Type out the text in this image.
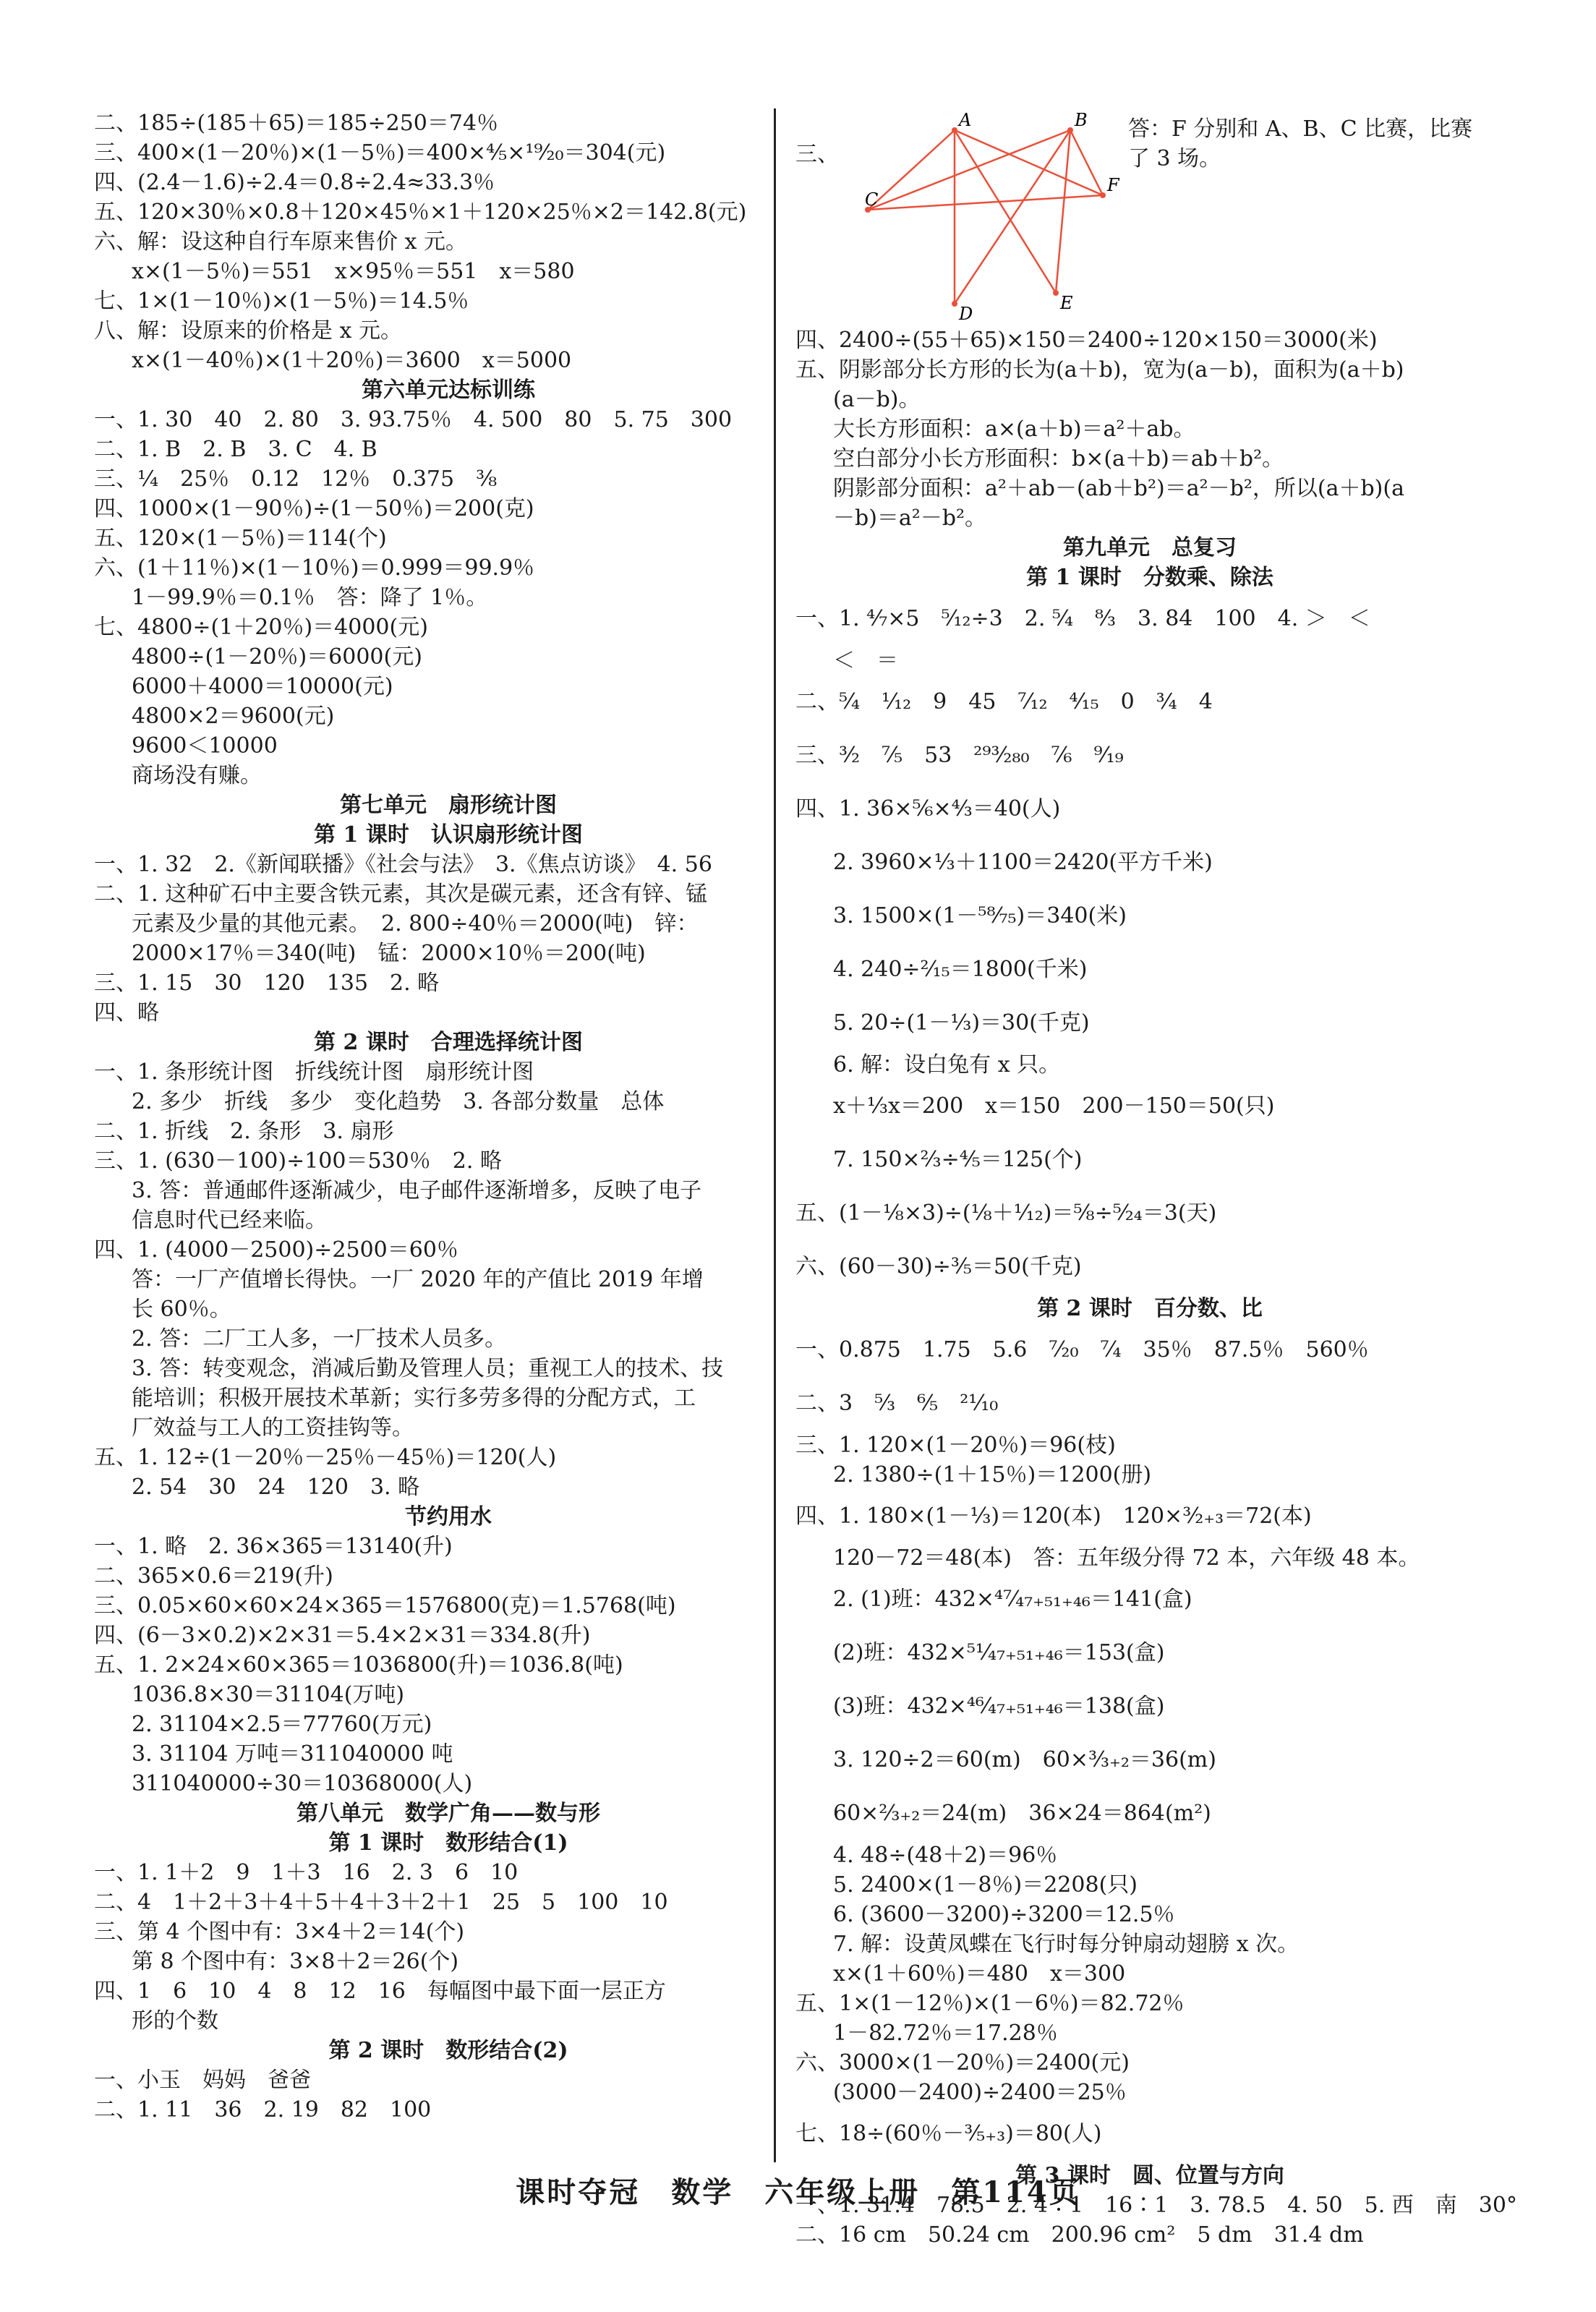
二、185÷(185＋65)＝185÷250＝74％
三、400×(1－20％)×(1－5％)＝400×⁴⁄₅×¹⁹⁄₂₀＝304(元)
四、(2.4－1.6)÷2.4＝0.8÷2.4≈33.3％
五、120×30％×0.8＋120×45％×1＋120×25％×2＝142.8(元)
六、解：设这种自行车原来售价 x 元。
x×(1－5％)＝551　x×95％＝551　x＝580
七、1×(1－10％)×(1－5％)＝14.5％
八、解：设原来的价格是 x 元。
x×(1－40％)×(1＋20％)＝3600　x＝5000
第六单元达标训练
一、1. 30　40　2. 80　3. 93.75％　4. 500　80　5. 75　300
二、1. B　2. B　3. C　4. B
三、¼　25％　0.12　12％　0.375　⅜
四、1000×(1－90％)÷(1－50％)＝200(克)
五、120×(1－5％)＝114(个)
六、(1＋11％)×(1－10％)＝0.999＝99.9％
1－99.9％＝0.1％　答：降了 1％。
七、4800÷(1＋20％)＝4000(元)
4800÷(1－20％)＝6000(元)
6000＋4000＝10000(元)
4800×2＝9600(元)
9600＜10000
商场没有赚。
第七单元　扇形统计图
第 1 课时　认识扇形统计图
一、1. 32　2.《新闻联播》《社会与法》　3.《焦点访谈》　4. 56
二、1. 这种矿石中主要含铁元素，其次是碳元素，还含有锌、锰
元素及少量的其他元素。　2. 800÷40％＝2000(吨)　锌：
2000×17％＝340(吨)　锰：2000×10％＝200(吨)
三、1. 15　30　120　135　2. 略
四、略
第 2 课时　合理选择统计图
一、1. 条形统计图　折线统计图　扇形统计图
2. 多少　折线　多少　变化趋势　3. 各部分数量　总体
二、1. 折线　2. 条形　3. 扇形
三、1. (630－100)÷100＝530％　2. 略
3. 答：普通邮件逐渐减少，电子邮件逐渐增多，反映了电子
信息时代已经来临。
四、1. (4000－2500)÷2500＝60％
答：一厂产值增长得快。一厂 2020 年的产值比 2019 年增
长 60％。
2. 答：二厂工人多，一厂技术人员多。
3. 答：转变观念，消减后勤及管理人员；重视工人的技术、技
能培训；积极开展技术革新；实行多劳多得的分配方式，工
厂效益与工人的工资挂钩等。
五、1. 12÷(1－20％－25％－45％)＝120(人)
2. 54　30　24　120　3. 略
节约用水
一、1. 略　2. 36×365＝13140(升)
二、365×0.6＝219(升)
三、0.05×60×60×24×365＝1576800(克)＝1.5768(吨)
四、(6－3×0.2)×2×31＝5.4×2×31＝334.8(升)
五、1. 2×24×60×365＝1036800(升)＝1036.8(吨)
1036.8×30＝31104(万吨)
2. 31104×2.5＝77760(万元)
3. 31104 万吨＝311040000 吨
311040000÷30＝10368000(人)
第八单元　数学广角——数与形
第 1 课时　数形结合(1)
一、1. 1＋2　9　1＋3　16　2. 3　6　10
二、4　1＋2＋3＋4＋5＋4＋3＋2＋1　25　5　100　10
三、第 4 个图中有：3×4＋2＝14(个)
第 8 个图中有：3×8＋2＝26(个)
四、1　6　10　4　8　12　16　每幅图中最下面一层正方
形的个数
第 2 课时　数形结合(2)
一、小玉　妈妈　爸爸
二、1. 11　36　2. 19　82　100
三、
A	B
C
D
E
F
答：F 分别和 A、B、C 比赛，比赛了 3 场。
四、2400÷(55＋65)×150＝2400÷120×150＝3000(米)
五、阴影部分长方形的长为(a＋b)，宽为(a－b)，面积为(a＋b)
(a－b)。
大长方形面积：a×(a＋b)＝a²＋ab。
空白部分小长方形面积：b×(a＋b)＝ab＋b²。
阴影部分面积：a²＋ab－(ab＋b²)＝a²－b²，所以(a＋b)(a
－b)＝a²－b²。
第九单元　总复习
第 1 课时　分数乘、除法
一、1. ⁴⁄₇×5　⁵⁄₁₂÷3　2. ⁵⁄₄　⁸⁄₃　3. 84　100　4. ＞　＜
＜　＝
二、⁵⁄₄　¹⁄₁₂　9　45　⁷⁄₁₂　⁴⁄₁₅　0　¾　4
三、³⁄₂　⁷⁄₅　53　²⁹³⁄₂₈₀　⁷⁄₆　⁹⁄₁₉
四、1. 36×⁵⁄₆×⁴⁄₃＝40(人)
2. 3960×⅓＋1100＝2420(平方千米)
3. 1500×(1－⁵⁸⁄₇₅)＝340(米)
4. 240÷²⁄₁₅＝1800(千米)
5. 20÷(1－⅓)＝30(千克)
6. 解：设白兔有 x 只。
x＋⅓x＝200　x＝150　200－150＝50(只)
7. 150×⅔÷⁴⁄₅＝125(个)
五、(1－⅛×3)÷(⅛＋¹⁄₁₂)＝⅝÷⁵⁄₂₄＝3(天)
六、(60－30)÷⅗＝50(千克)
第 2 课时　百分数、比
一、0.875　1.75　5.6　⁷⁄₂₀　⁷⁄₄　35％　87.5％　560％
二、3　⁵⁄₃　⁶⁄₅　²¹⁄₁₀
三、1. 120×(1－20％)＝96(枝)
2. 1380÷(1＋15％)＝1200(册)
四、1. 180×(1－⅓)＝120(本)　120×³⁄₂₊₃＝72(本)
120－72＝48(本)　答：五年级分得 72 本，六年级 48 本。
2. (1)班：432×⁴⁷⁄₄₇₊₅₁₊₄₆＝141(盒)
(2)班：432×⁵¹⁄₄₇₊₅₁₊₄₆＝153(盒)
(3)班：432×⁴⁶⁄₄₇₊₅₁₊₄₆＝138(盒)
3. 120÷2＝60(m)　60×³⁄₃₊₂＝36(m)
60×²⁄₃₊₂＝24(m)　36×24＝864(m²)
4. 48÷(48＋2)＝96％
5. 2400×(1－8％)＝2208(只)
6. (3600－3200)÷3200＝12.5％
7. 解：设黄凤蝶在飞行时每分钟扇动翅膀 x 次。
x×(1＋60％)＝480　x＝300
五、1×(1－12％)×(1－6％)＝82.72％
1－82.72％＝17.28％
六、3000×(1－20％)＝2400(元)
(3000－2400)÷2400＝25％
七、18÷(60％－³⁄₅₊₃)＝80(人)
第 3 课时　圆、位置与方向
一、1. 31.4　78.5　2. 4∶1　16∶1　3. 78.5　4. 50　5. 西　南　30°
二、16 cm　50.24 cm　200.96 cm²　5 dm　31.4 dm
课时夺冠　数学　六年级上册　第114页
